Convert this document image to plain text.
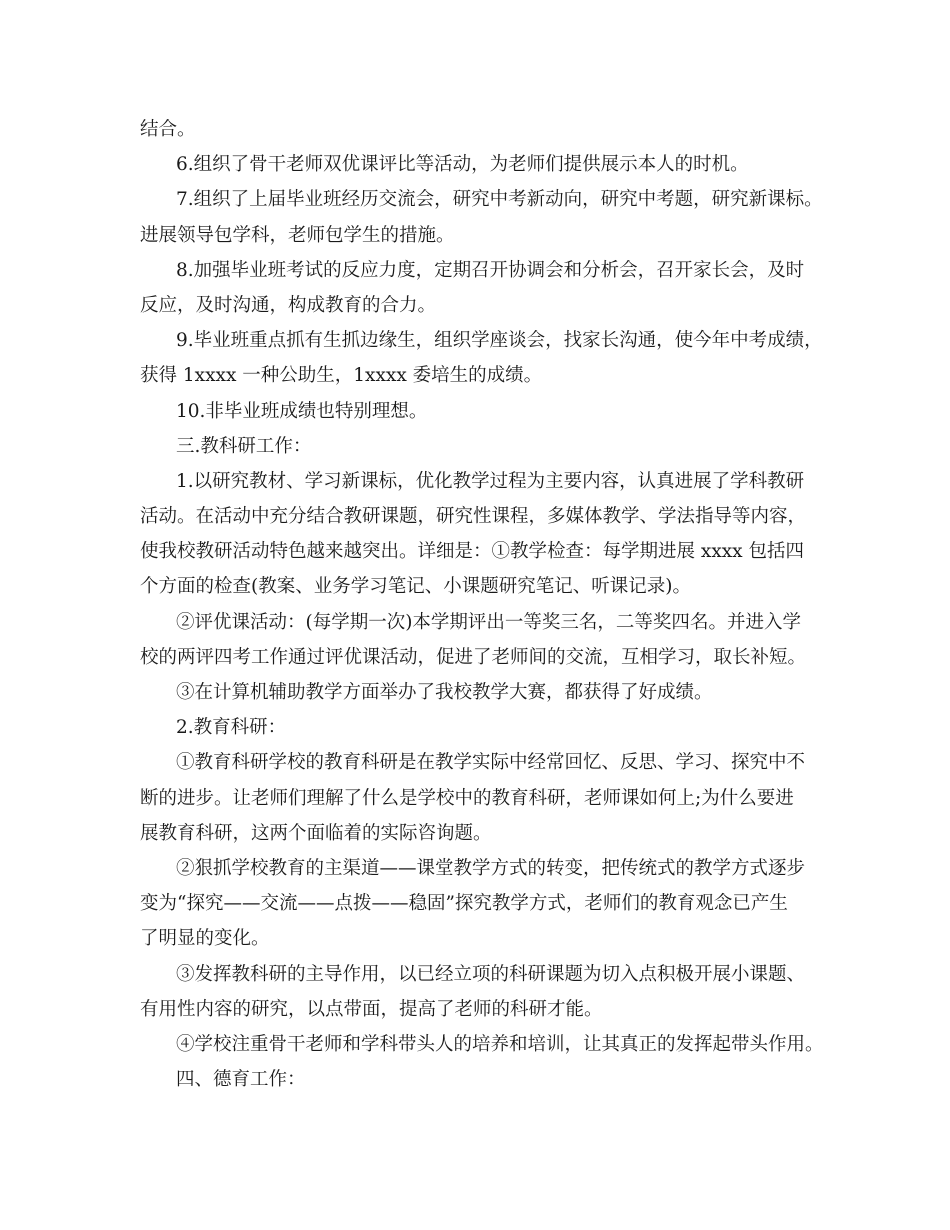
结合。
6.组织了骨干老师双优课评比等活动，为老师们提供展示本人的时机。
7.组织了上届毕业班经历交流会，研究中考新动向，研究中考题，研究新课标。
进展领导包学科，老师包学生的措施。
8.加强毕业班考试的反应力度，定期召开协调会和分析会，召开家长会，及时
反应，及时沟通，构成教育的合力。
9.毕业班重点抓有生抓边缘生，组织学座谈会，找家长沟通，使今年中考成绩，
获得 1xxxx 一种公助生，1xxxx 委培生的成绩。
10.非毕业班成绩也特别理想。
三.教科研工作：
1.以研究教材、学习新课标，优化教学过程为主要内容，认真进展了学科教研
活动。在活动中充分结合教研课题，研究性课程，多媒体教学、学法指导等内容，
使我校教研活动特色越来越突出。详细是：①教学检查：每学期进展 xxxx 包括四
个方面的检查(教案、业务学习笔记、小课题研究笔记、听课记录)。
②评优课活动：(每学期一次)本学期评出一等奖三名，二等奖四名。并进入学
校的两评四考工作通过评优课活动，促进了老师间的交流，互相学习，取长补短。
③在计算机辅助教学方面举办了我校教学大赛，都获得了好成绩。
2.教育科研：
①教育科研学校的教育科研是在教学实际中经常回忆、反思、学习、探究中不
断的进步。让老师们理解了什么是学校中的教育科研，老师课如何上;为什么要进
展教育科研，这两个面临着的实际咨询题。
②狠抓学校教育的主渠道——课堂教学方式的转变，把传统式的教学方式逐步
变为“探究——交流——点拨——稳固”探究教学方式，老师们的教育观念已产生
了明显的变化。
③发挥教科研的主导作用，以已经立项的科研课题为切入点积极开展小课题、
有用性内容的研究，以点带面，提高了老师的科研才能。
④学校注重骨干老师和学科带头人的培养和培训，让其真正的发挥起带头作用。
四、德育工作：
